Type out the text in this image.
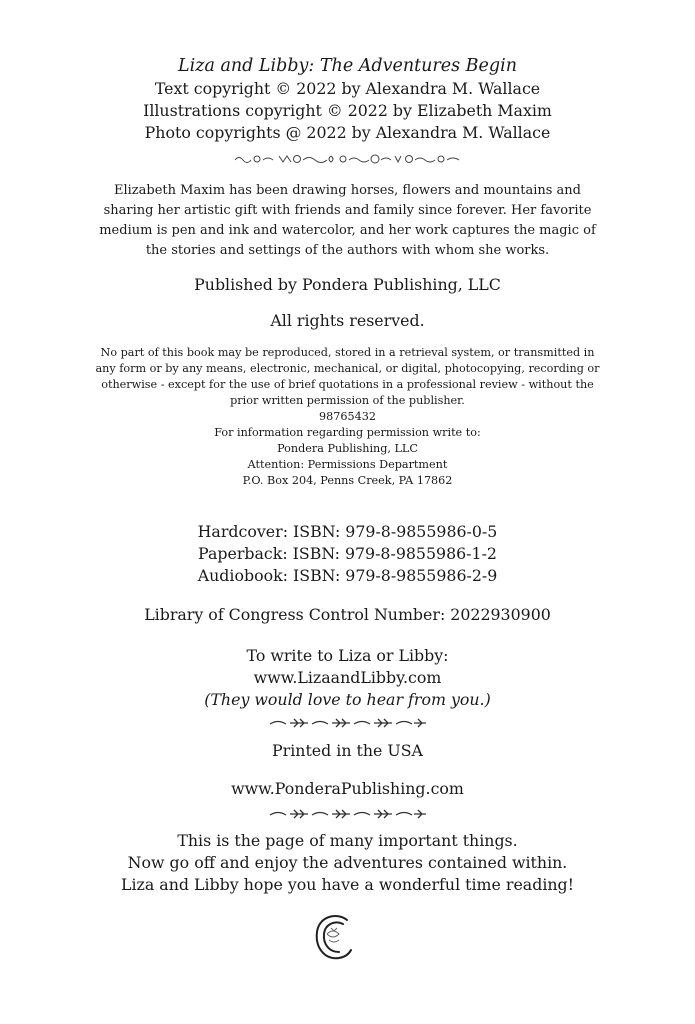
Liza and Libby: The Adventures Begin
Text copyright © 2022 by Alexandra M. Wallace
Illustrations copyright © 2022 by Elizabeth Maxim
Photo copyrights @ 2022 by Alexandra M. Wallace
Elizabeth Maxim has been drawing horses, flowers and mountains and
sharing her artistic gift with friends and family since forever. Her favorite
medium is pen and ink and watercolor, and her work captures the magic of
the stories and settings of the authors with whom she works.
Published by Pondera Publishing, LLC
All rights reserved.
No part of this book may be reproduced, stored in a retrieval system, or transmitted in
any form or by any means, electronic, mechanical, or digital, photocopying, recording or
otherwise - except for the use of brief quotations in a professional review - without the
prior written permission of the publisher.
98765432
For information regarding permission write to:
Pondera Publishing, LLC
Attention: Permissions Department
P.O. Box 204, Penns Creek, PA 17862
Hardcover: ISBN: 979-8-9855986-0-5
Paperback: ISBN: 979-8-9855986-1-2
Audiobook: ISBN: 979-8-9855986-2-9
Library of Congress Control Number: 2022930900
To write to Liza or Libby:
www.LizaandLibby.com
(They would love to hear from you.)
Printed in the USA
www.PonderaPublishing.com
This is the page of many important things.
Now go off and enjoy the adventures contained within.
Liza and Libby hope you have a wonderful time reading!
